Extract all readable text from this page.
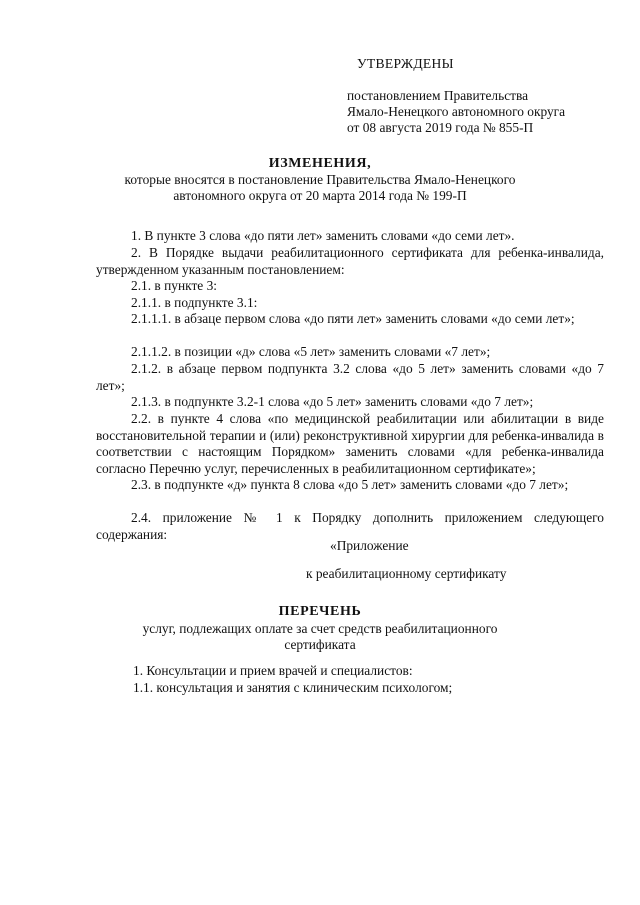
УТВЕРЖДЕНЫ
постановлением Правительства
Ямало-Ненецкого автономного округа
от 08 августа 2019 года № 855-П
ИЗМЕНЕНИЯ,
которые вносятся в постановление Правительства Ямало-Ненецкого
автономного округа от 20 марта 2014 года № 199-П
1. В пункте 3 слова «до пяти лет» заменить словами «до семи лет».
2. В Порядке выдачи реабилитационного сертификата для ребенка-инвалида, утвержденном указанным постановлением:
2.1. в пункте 3:
2.1.1. в подпункте 3.1:
2.1.1.1. в абзаце первом слова «до пяти лет» заменить словами «до семи лет»;
2.1.1.2. в позиции «д» слова «5 лет» заменить словами «7 лет»;
2.1.2. в абзаце первом подпункта 3.2 слова «до 5 лет» заменить словами «до 7 лет»;
2.1.3. в подпункте 3.2-1 слова «до 5 лет» заменить словами «до 7 лет»;
2.2. в пункте 4 слова «по медицинской реабилитации или абилитации в виде восстановительной терапии и (или) реконструктивной хирургии для ребенка-инвалида в соответствии с настоящим Порядком» заменить словами «для ребенка-инвалида согласно Перечню услуг, перечисленных в реабилитационном сертификате»;
2.3. в подпункте «д» пункта 8 слова «до 5 лет» заменить словами «до 7 лет»;
2.4. приложение № 1 к Порядку дополнить приложением следующего содержания:
«Приложение
к реабилитационному сертификату
ПЕРЕЧЕНЬ
услуг, подлежащих оплате за счет средств реабилитационного
сертификата
1. Консультации и прием врачей и специалистов:
1.1. консультация и занятия с клиническим психологом;
